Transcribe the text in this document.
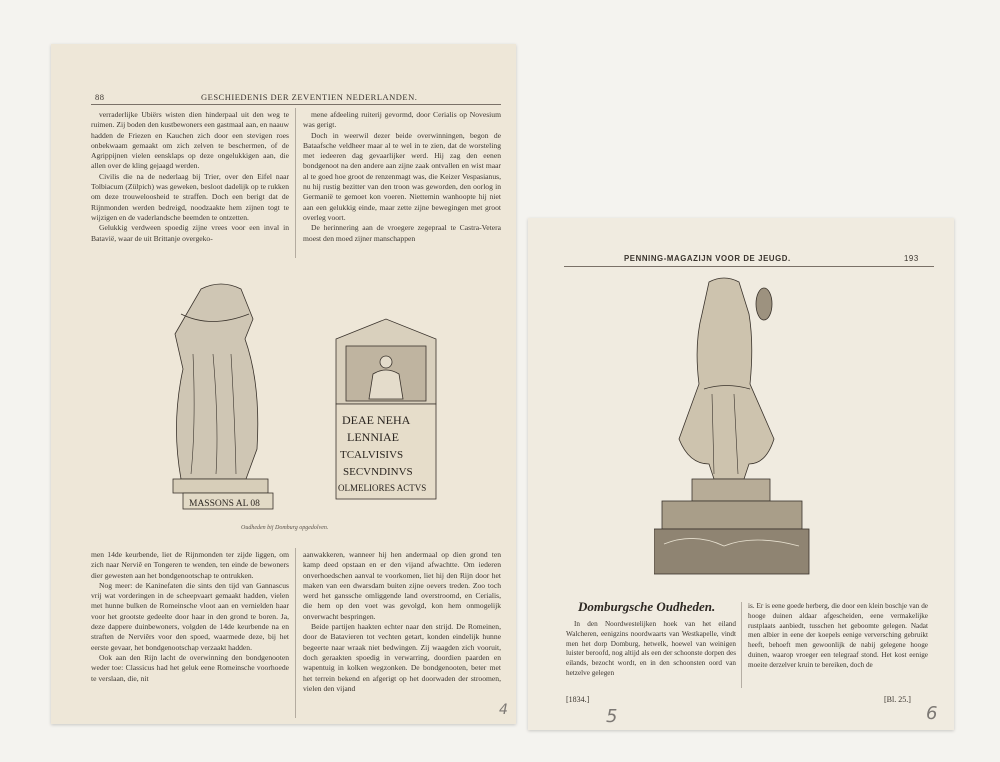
88	GESCHIEDENIS DER ZEVENTIEN NEDERLANDEN.

verraderlijke Ubiërs wisten dien hinderpaal uit den weg te ruimen. Zij boden den kustbewoners een gastmaal aan, en naauw hadden de Friezen en Kauchen zich door een stevigen roes onbekwaam gemaakt om zich zelven te beschermen, of de Agrippijnen vielen eensklaps op deze ongelukkigen aan, die allen over de kling gejaagd werden.

Civilis die na de nederlaag bij Trier, over den Eifel naar Tolbiacum (Zülpich) was geweken, besloot dadelijk op te rukken om deze trouweloosheid te straffen. Doch een berigt dat de Rijnmonden werden bedreigd, noodzaakte hem zijnen togt te wijzigen en de vaderlandsche beemden te ontzetten.

Gelukkig verdween spoedig zijne vrees voor een inval in Batavië, waar de uit Brittanje overgeko-

mene afdeeling ruiterij gevormd, door Cerialis op Novesium was gerigt.

Doch in weerwil dezer beide overwinningen, begon de Bataafsche veldheer maar al te wel in te zien, dat de worsteling met iedeeren dag gevaarlijker werd. Hij zag den eenen bondgenoot na den andere aan zijne zaak ontvallen en wist maar al te goed hoe groot de renzenmagt was, die Keizer Vespasianus, nu hij rustig bezitter van den troon was geworden, den oorlog in Germanië te gemoet kon voeren. Niettemin wanhoopte hij niet aan een gelukkig einde, maar zette zijne bewegingen met groot overleg voort.

De herinnering aan de vroegere zegepraal te Castra-Vetera moest den moed zijner manschappen

MASSONS AL 08
DEAE NEHA
LENNIAE
TCALVISIVS
SECVNDINVS
OLMELIORES ACTVS
Oudheden bij Domburg opgedolven.

men 14de keurbende, liet de Rijnmonden ter zijde liggen, om zich naar Nerviê en Tongeren te wenden, ten einde de bewoners dier gewesten aan het bondgenootschap te ontrukken.

Nog meer: de Kaninefaten die sints den tijd van Gannascus vrij wat vorderingen in de scheepvaart gemaakt hadden, vielen met hunne bulken de Romeinsche vloot aan en vernielden haar voor het grootste gedeelte door haar in den grond te boren. Ja, deze dappere duinbewoners, volgden de 14de keurbende na en straften de Nerviêrs voor den spoed, waarmede deze, bij het eerste gevaar, het bondgenootschap verzaakt hadden.

Ook aan den Rijn lacht de overwinning den bondgenooten weder toe: Classicus had het geluk eene Romeinsche voorhoede te verslaan, die, nit

aanwakkeren, wanneer hij hen andermaal op dien grond ten kamp deed opstaan en er den vijand afwachtte. Om iederen onverhoedschen aanval te voorkomen, liet hij den Rijn door het maken van een dwarsdam buiten zijne oevers treden. Zoo toch werd het ganssche omliggende land overstroomd, en Cerialis, die hem op den voet was gevolgd, kon hem onmogelijk onverwacht bespringen.

Beide partijen haakten echter naar den strijd. De Romeinen, door de Batavieren tot vechten getart, konden eindelijk hunne begeerte naar wraak niet bedwingen. Zij waagden zich vooruit, doch geraakten spoedig in verwarring, doordien paarden en wapentuig in kolken wegzonken. De bondgenooten, beter met het terrein bekend en afgerigt op het doorwaden der stroomen, vielen den vijand

4
PENNING-MAGAZIJN VOOR DE JEUGD.	193
Domburgsche Oudheden.

In den Noordwestelijken hoek van het eiland Walcheren, eenigzins noordwaarts van Westkapelle, vindt men het dorp Domburg, hetwelk, hoewel van weinigen luister beroofd, nog altijd als een der schoonste dorpen des eilands, bezocht wordt, en in den schoonsten oord van hetzelve gelegen

is. Er is eene goede herberg, die door een klein boschje van de hooge duinen aldaar afgescheiden, eene vermakelijke rustplaats aanbiedt, tusschen het geboomte gelegen. Nadat men albier in eene der koepels eenige verversching gebruikt heeft, behoeft men gewoonlijk de nabij gelegene hooge duinen, waarop vroeger een telegraaf stond. Het kost eenige moeite derzelver kruin te bereiken, doch de

[1834.]	[Bl. 25.]
5	6
